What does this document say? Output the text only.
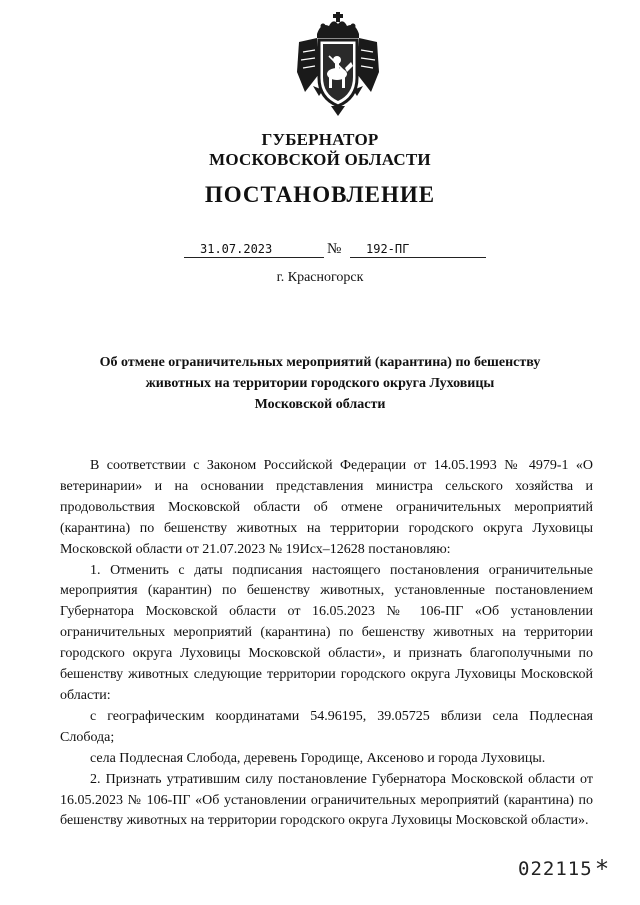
ГУБЕРНАТОР
МОСКОВСКОЙ ОБЛАСТИ
ПОСТАНОВЛЕНИЕ
31.07.2023	№	192-ПГ
г. Красногорск
Об отмене ограничительных мероприятий (карантина) по бешенству
животных на территории городского округа Луховицы
Московской области

В соответствии с Законом Российской Федерации от 14.05.1993 № 4979-1 «О ветеринарии» и на основании представления министра сельского хозяйства и продовольствия Московской области об отмене ограничительных мероприятий (карантина) по бешенству животных на территории городского округа Луховицы Московской области от 21.07.2023 № 19Исх–12628 постановляю:

1. Отменить с даты подписания настоящего постановления ограничительные мероприятия (карантин) по бешенству животных, установленные постановлением Губернатора Московской области от 16.05.2023 № 106-ПГ «Об установлении ограничительных мероприятий (карантина) по бешенству животных на территории городского округа Луховицы Московской области», и признать благополучными по бешенству животных следующие территории городского округа Луховицы Московской области:

с географическим координатами 54.96195, 39.05725 вблизи села Подлесная Слобода;

села Подлесная Слобода, деревень Городище, Аксеново и города Луховицы.

2. Признать утратившим силу постановление Губернатора Московской области от 16.05.2023 № 106-ПГ «Об установлении ограничительных мероприятий (карантина) по бешенству животных на территории городского округа Луховицы Московской области».

022115 *
